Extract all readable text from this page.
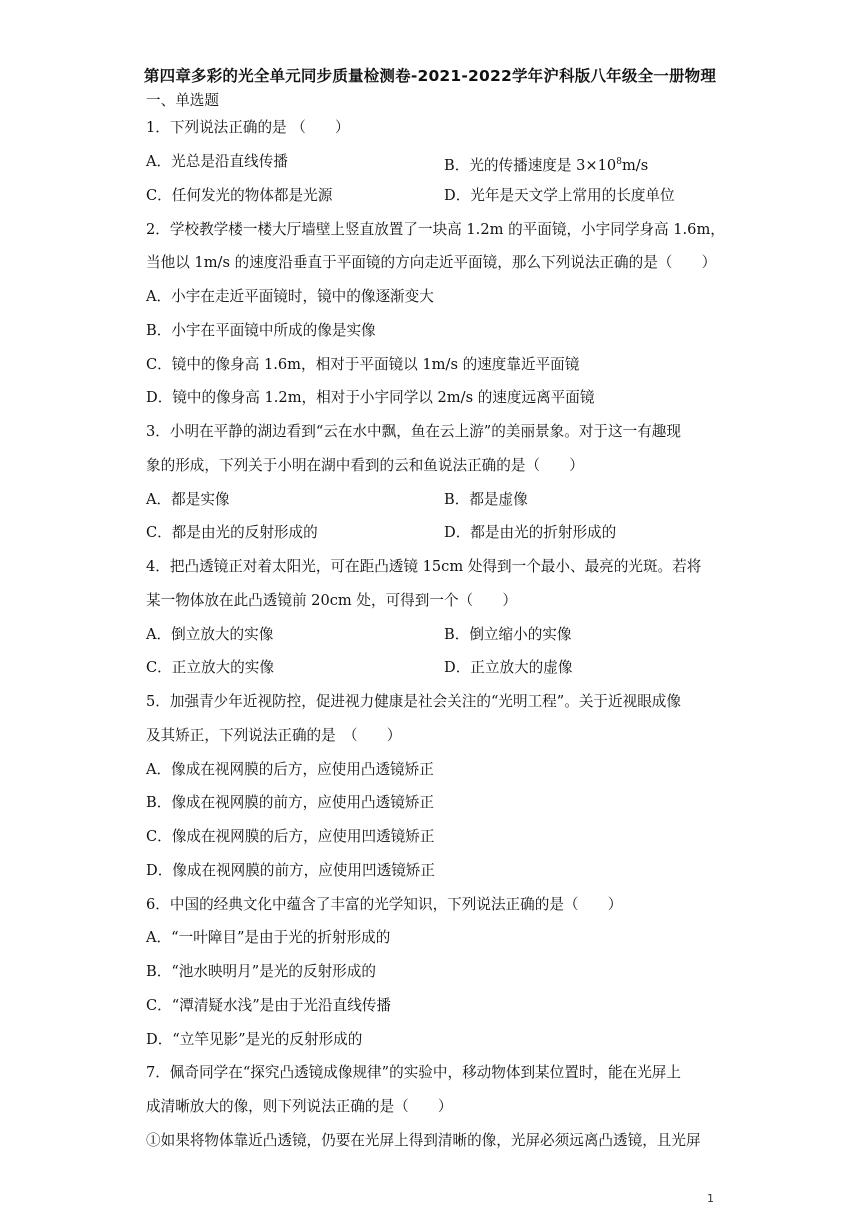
第四章多彩的光全单元同步质量检测卷-2021-2022学年沪科版八年级全一册物理
一、单选题
1．下列说法正确的是 （　　）
A．光总是沿直线传播	B．光的传播速度是 $3\times 10^8m/s$
C．任何发光的物体都是光源	D．光年是天文学上常用的长度单位
2．学校教学楼一楼大厅墙壁上竖直放置了一块高 1.2m 的平面镜，小宇同学身高 1.6m，
当他以 1m/s 的速度沿垂直于平面镜的方向走近平面镜，那么下列说法正确的是（　　）
A．小宇在走近平面镜时，镜中的像逐渐变大
B．小宇在平面镜中所成的像是实像
C．镜中的像身高 1.6m，相对于平面镜以 1m/s 的速度靠近平面镜
D．镜中的像身高 1.2m，相对于小宇同学以 2m/s 的速度远离平面镜
3．小明在平静的湖边看到“云在水中飘，鱼在云上游”的美丽景象。对于这一有趣现
象的形成，下列关于小明在湖中看到的云和鱼说法正确的是（　　）
A．都是实像	B．都是虚像
C．都是由光的反射形成的	D．都是由光的折射形成的
4．把凸透镜正对着太阳光，可在距凸透镜 15cm 处得到一个最小、最亮的光斑。若将
某一物体放在此凸透镜前 20cm 处，可得到一个（　　）
A．倒立放大的实像	B．倒立缩小的实像
C．正立放大的实像	D．正立放大的虚像
5．加强青少年近视防控，促进视力健康是社会关注的“光明工程”。关于近视眼成像
及其矫正，下列说法正确的是　（　　）
A．像成在视网膜的后方，应使用凸透镜矫正
B．像成在视网膜的前方，应使用凸透镜矫正
C．像成在视网膜的后方，应使用凹透镜矫正
D．像成在视网膜的前方，应使用凹透镜矫正
6．中国的经典文化中蕴含了丰富的光学知识，下列说法正确的是（　　）
A．“一叶障目”是由于光的折射形成的
B．“池水映明月”是光的反射形成的
C．“潭清疑水浅”是由于光沿直线传播
D．“立竿见影”是光的反射形成的
7．佩奇同学在“探究凸透镜成像规律”的实验中，移动物体到某位置时，能在光屏上
成清晰放大的像，则下列说法正确的是（　　）
①如果将物体靠近凸透镜，仍要在光屏上得到清晰的像，光屏必须远离凸透镜，且光屏
1
